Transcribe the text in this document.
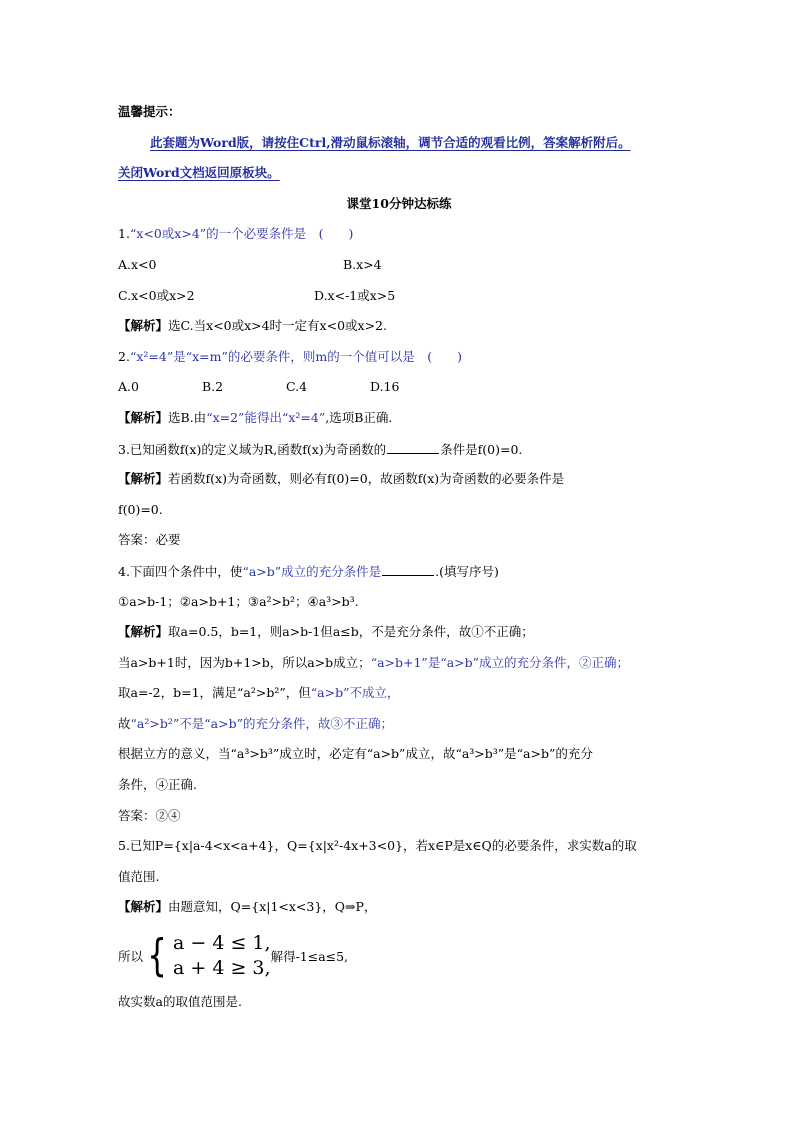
温馨提示：
此套题为Word版，请按住Ctrl,滑动鼠标滚轴，调节合适的观看比例，答案解析附后。
关闭Word文档返回原板块。
课堂10分钟达标练
1.“x<0或x>4”的一个必要条件是　(　　)
A.x<0	B.x>4
C.x<0或x>2	D.x<-1或x>5
【解析】选C.当x<0或x>4时一定有x<0或x>2.
2.“x²=4”是“x=m”的必要条件，则m的一个值可以是　(　　)
A.0	B.2	C.4	D.16
【解析】选B.由“x=2”能得出“x²=4”,选项B正确.
3.已知函数f(x)的定义域为R,函数f(x)为奇函数的	条件是f(0)=0.
【解析】若函数f(x)为奇函数，则必有f(0)=0，故函数f(x)为奇函数的必要条件是
f(0)=0.
答案：必要
4.下面四个条件中，使“a>b”成立的充分条件是	.(填写序号)
①a>b-1；②a>b+1；③a²>b²；④a³>b³.
【解析】取a=0.5，b=1，则a>b-1但a≤b，不是充分条件，故①不正确；
当a>b+1时，因为b+1>b，所以a>b成立；“a>b+1”是“a>b”成立的充分条件，②正确；
取a=-2，b=1，满足“a²>b²”，但“a>b”不成立，
故“a²>b²”不是“a>b”的充分条件，故③不正确；
根据立方的意义，当“a³>b³”成立时，必定有“a>b”成立，故“a³>b³”是“a>b”的充分
条件，④正确.
答案：②④
5.已知P={x|a-4<x<a+4}，Q={x|x²-4x+3<0}，若x∈P是x∈Q的必要条件，求实数a的取
值范围.
【解析】由题意知，Q={x|1<x<3}，Q⇒P，
所以 { a − 4 ≤ 1,
a + 4 ≥ 3,
解得-1≤a≤5,
故实数a的取值范围是.
